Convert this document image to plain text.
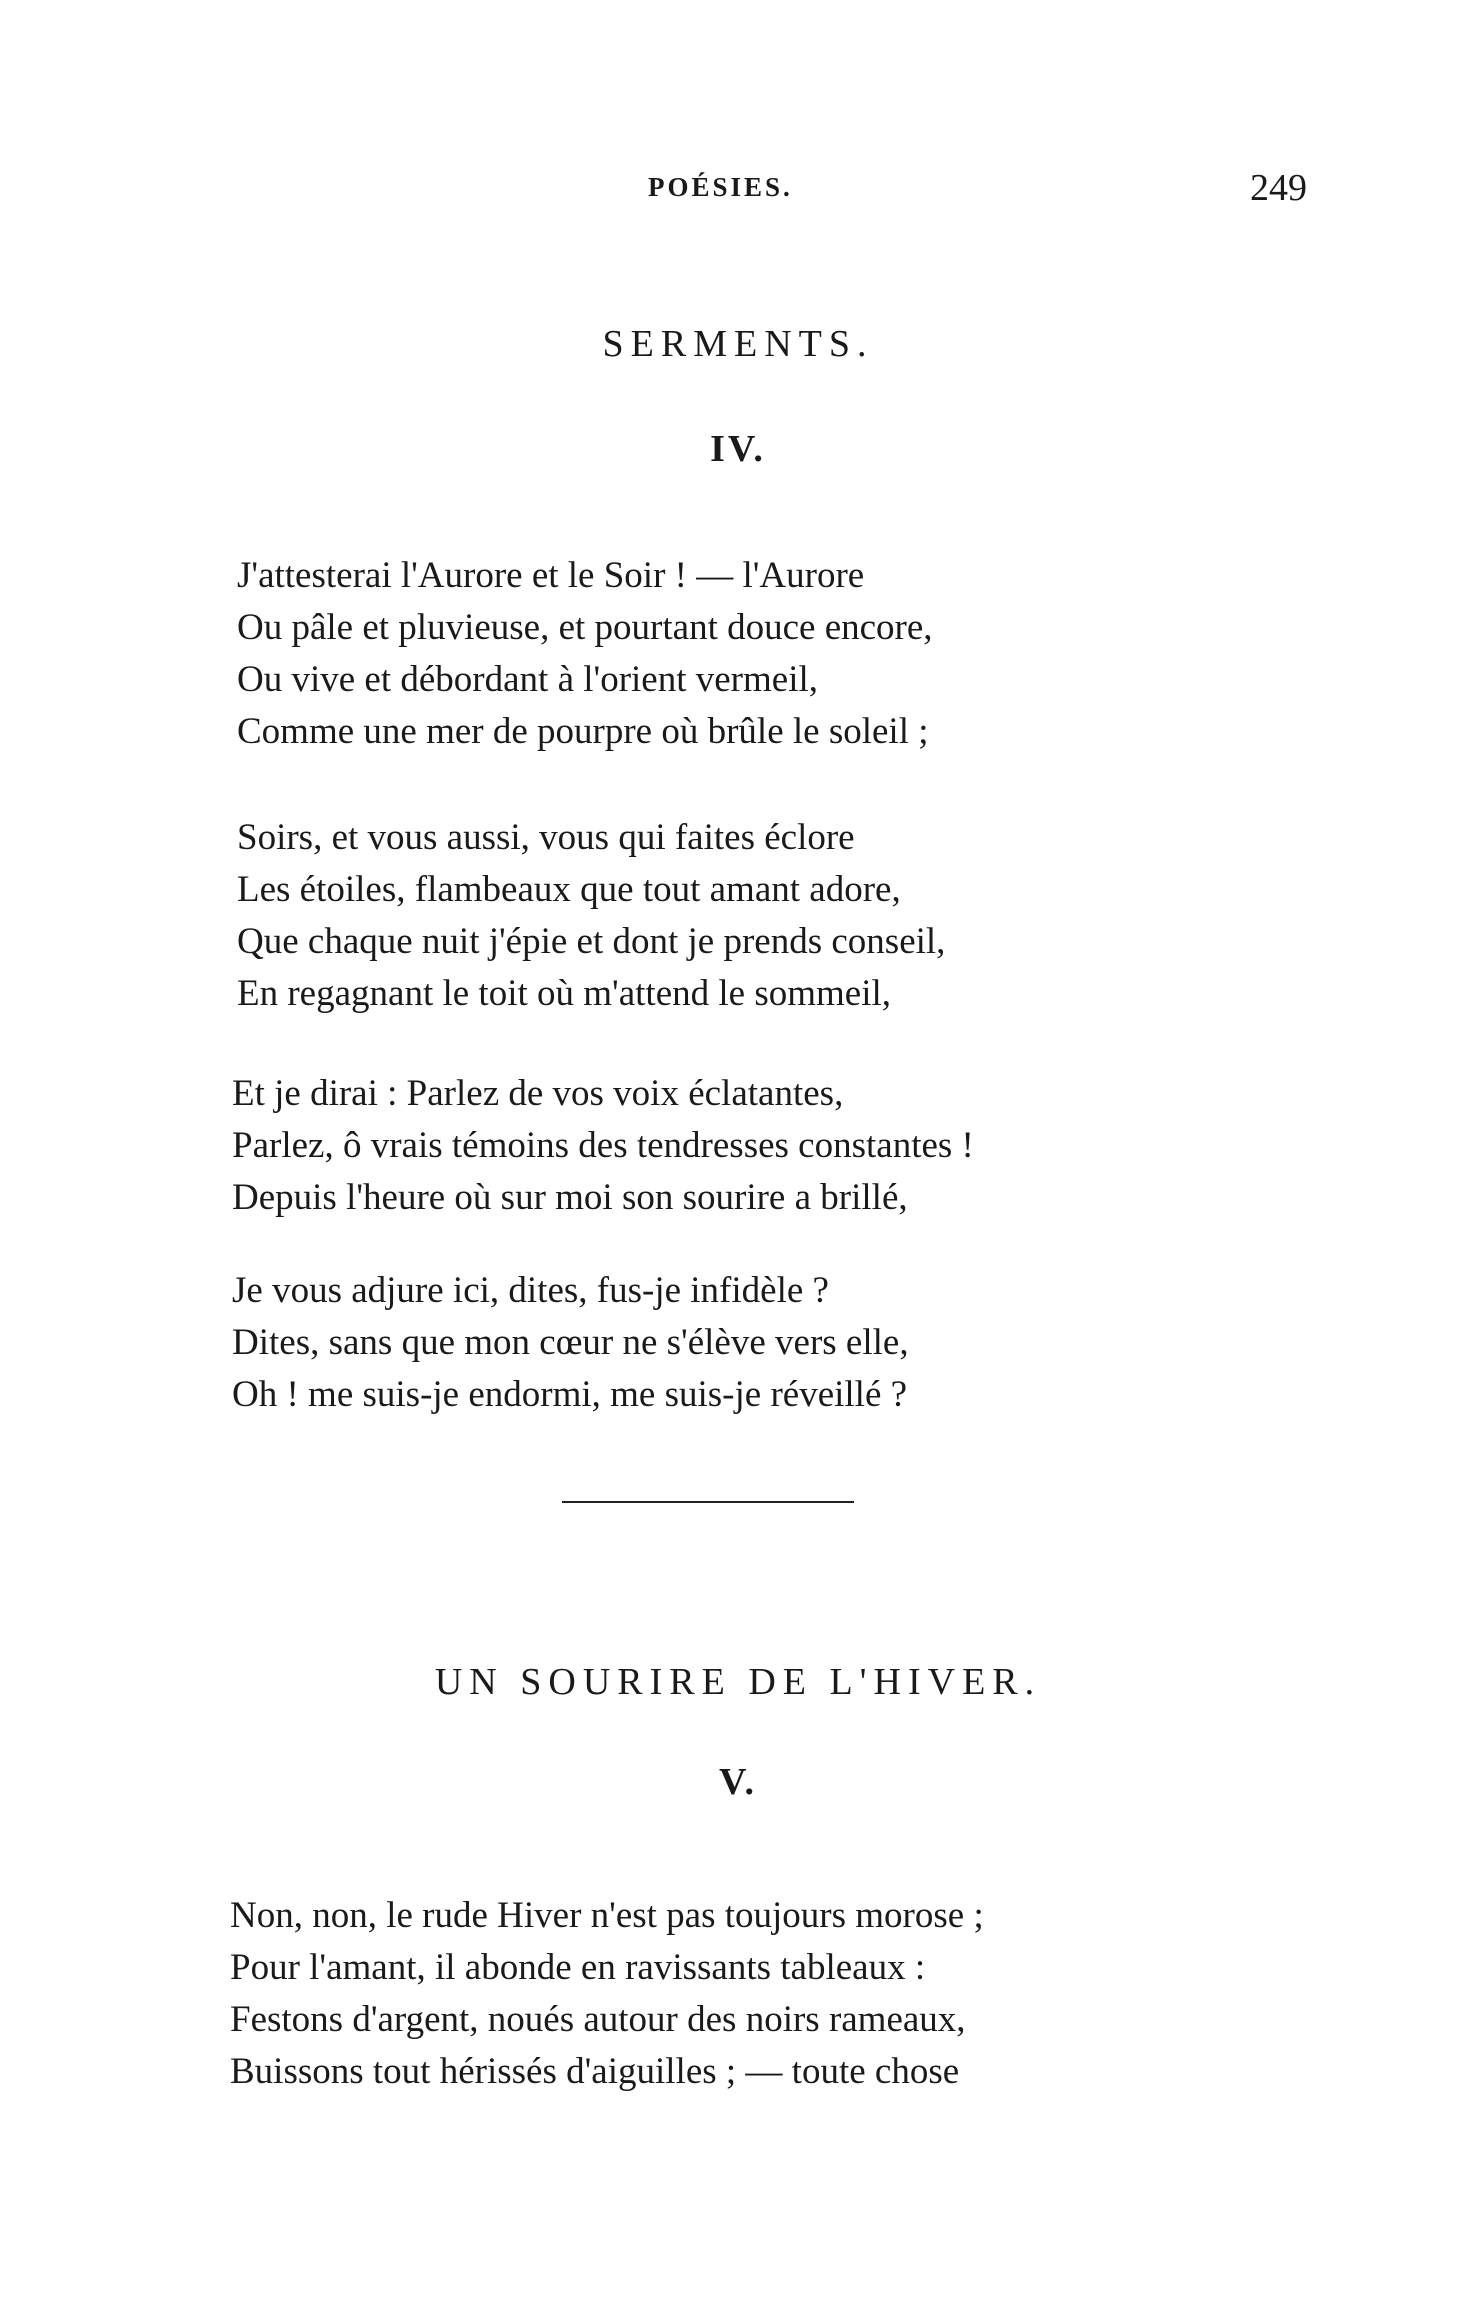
POÉSIES.	249
SERMENTS.
IV.
J'attesterai l'Aurore et le Soir ! — l'Aurore
Ou pâle et pluvieuse, et pourtant douce encore,
Ou vive et débordant à l'orient vermeil,
Comme une mer de pourpre où brûle le soleil ;
Soirs, et vous aussi, vous qui faites éclore
Les étoiles, flambeaux que tout amant adore,
Que chaque nuit j'épie et dont je prends conseil,
En regagnant le toit où m'attend le sommeil,
Et je dirai : Parlez de vos voix éclatantes,
Parlez, ô vrais témoins des tendresses constantes !
Depuis l'heure où sur moi son sourire a brillé,
Je vous adjure ici, dites, fus-je infidèle ?
Dites, sans que mon cœur ne s'élève vers elle,
Oh ! me suis-je endormi, me suis-je réveillé ?
UN SOURIRE DE L'HIVER.
V.
Non, non, le rude Hiver n'est pas toujours morose ;
Pour l'amant, il abonde en ravissants tableaux :
Festons d'argent, noués autour des noirs rameaux,
Buissons tout hérissés d'aiguilles ; — toute chose
